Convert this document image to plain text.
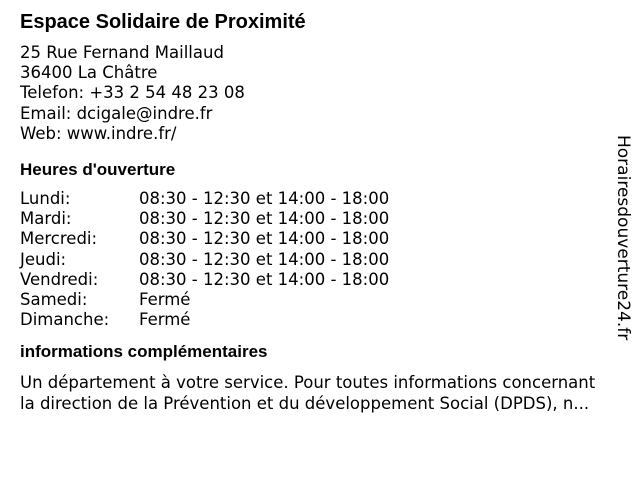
Espace Solidaire de Proximité
25 Rue Fernand Maillaud
36400 La Châtre
Telefon: +33 2 54 48 23 08
Email: dcigale@indre.fr
Web: www.indre.fr/
Heures d'ouverture
Lundi:	08:30 - 12:30 et 14:00 - 18:00
Mardi:	08:30 - 12:30 et 14:00 - 18:00
Mercredi:	08:30 - 12:30 et 14:00 - 18:00
Jeudi:	08:30 - 12:30 et 14:00 - 18:00
Vendredi: 08:30 - 12:30 et 14:00 - 18:00
Samedi:	Fermé
Dimanche: Fermé
informations complémentaires
Un département à votre service. Pour toutes informations concernant
la direction de la Prévention et du développement Social (DPDS), n...
Horairesdouverture24.fr
